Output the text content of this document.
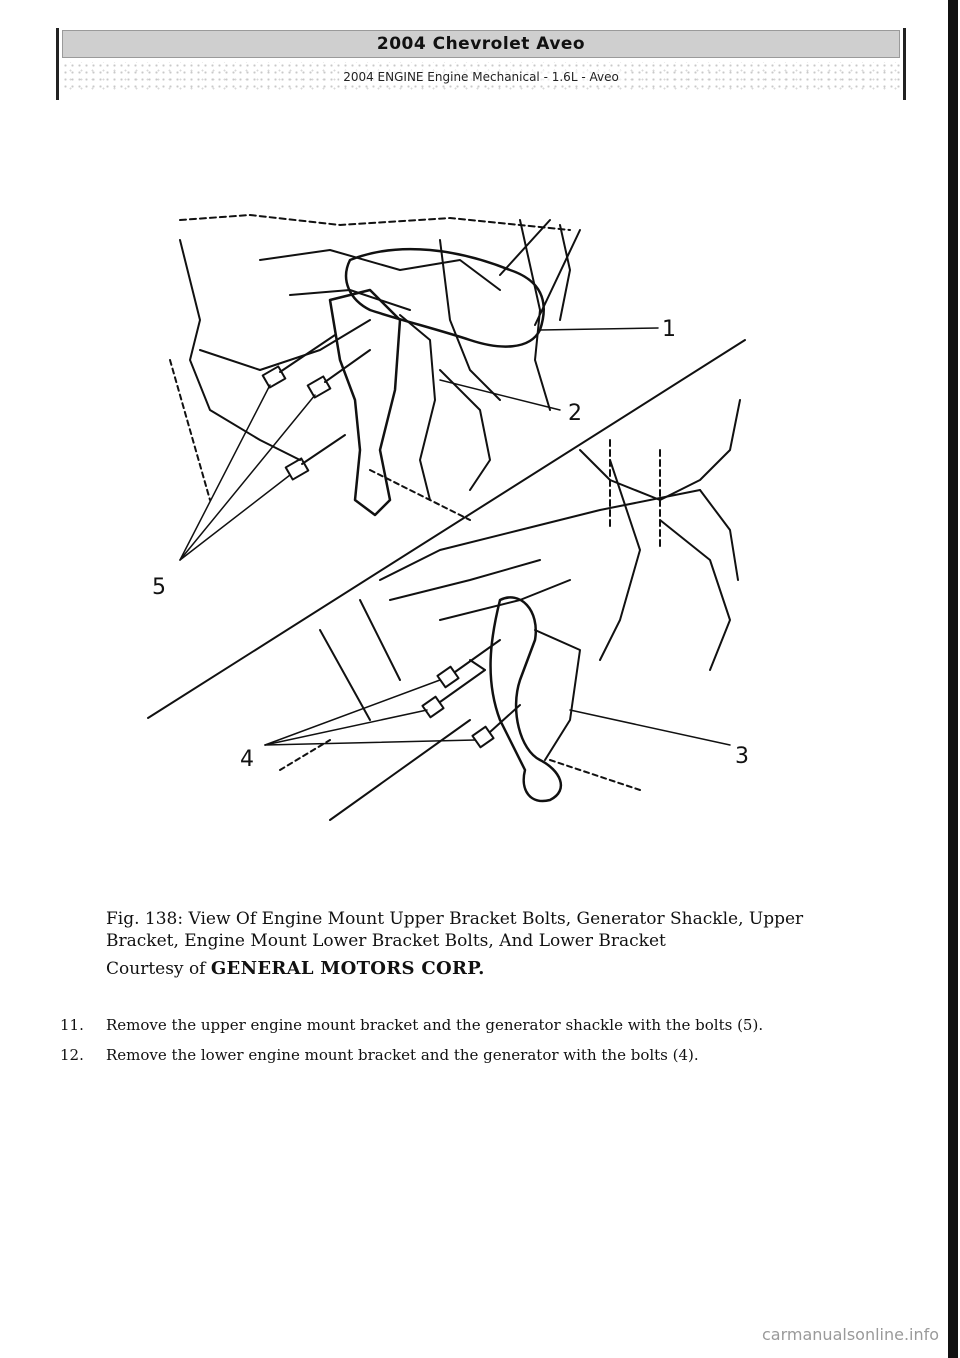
2004 Chevrolet Aveo
2004 ENGINE Engine Mechanical - 1.6L - Aveo
1
2
3
4
5
Fig. 138: View Of Engine Mount Upper Bracket Bolts, Generator Shackle, Upper
Bracket, Engine Mount Lower Bracket Bolts, And Lower Bracket
Courtesy of GENERAL MOTORS CORP.
11.	Remove the upper engine mount bracket and the generator shackle with the bolts (5).
12.	Remove the lower engine mount bracket and the generator with the bolts (4).
carmanualsonline.info
